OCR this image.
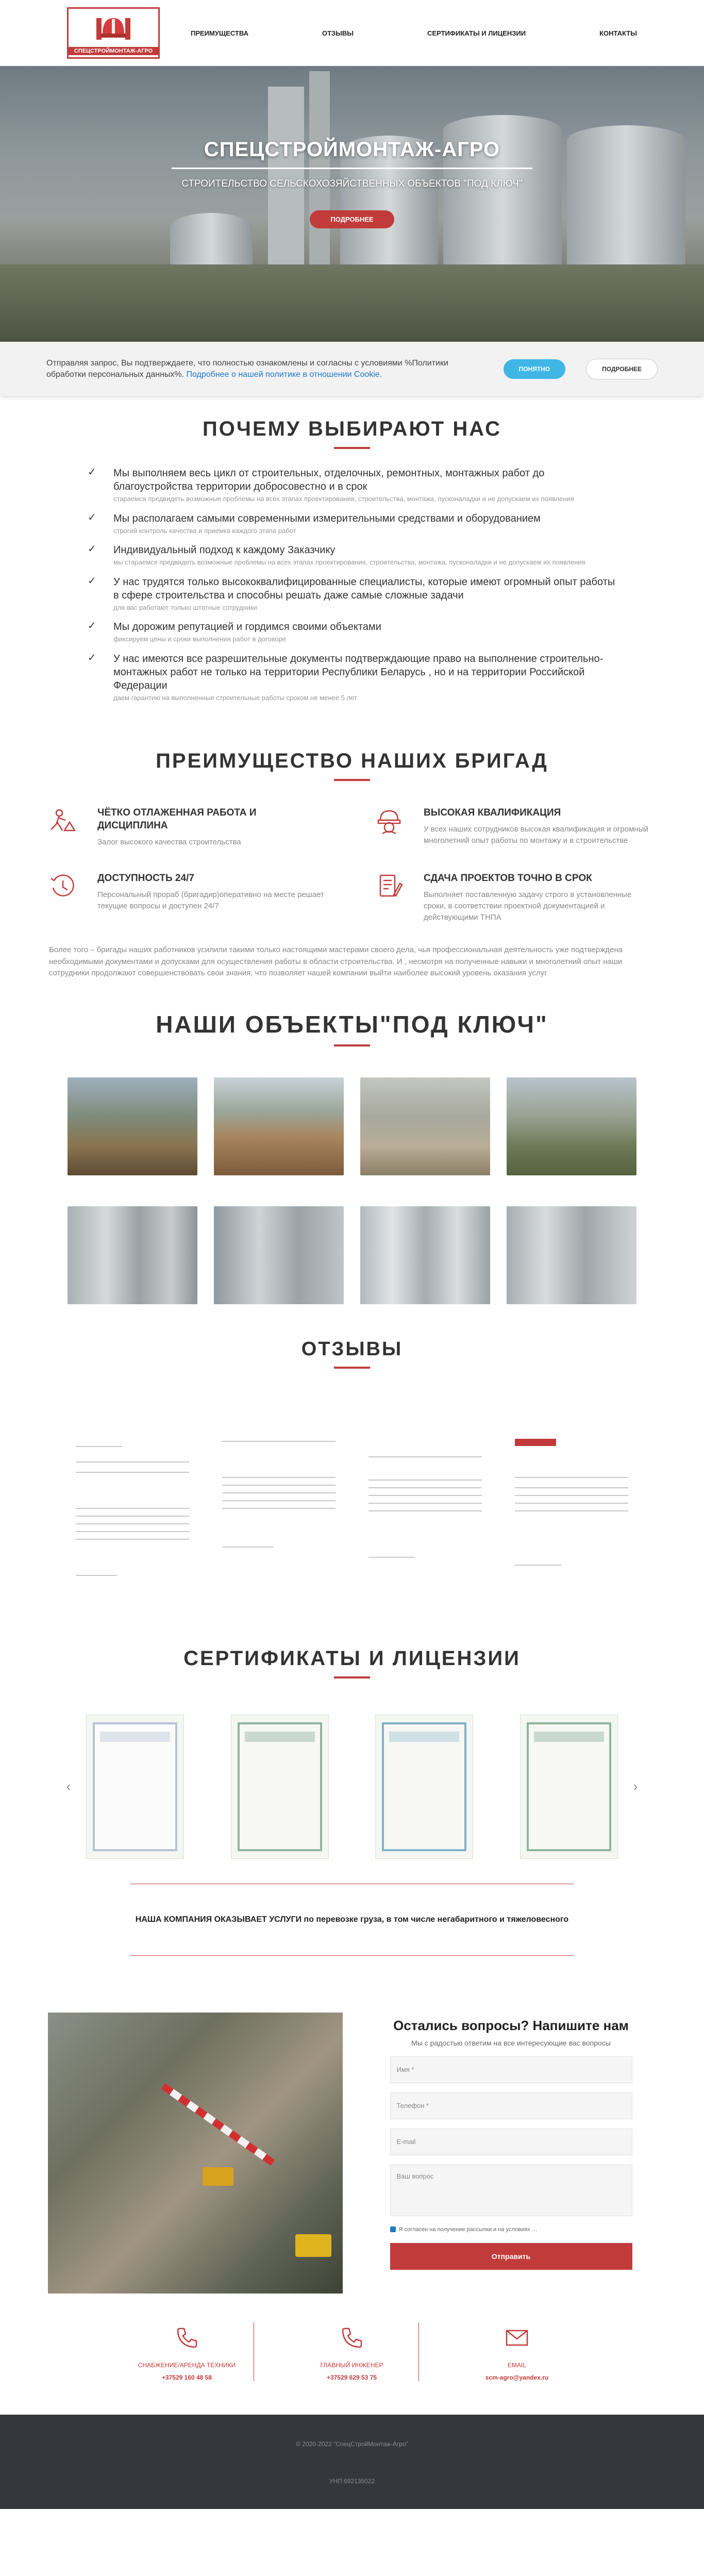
СПЕЦСТРОЙМОНТАЖ-АГРО
ПРЕИМУЩЕСТВА	ОТЗЫВЫ	СЕРТИФИКАТЫ И ЛИЦЕНЗИИ	КОНТАКТЫ
СПЕЦСТРОЙМОНТАЖ-АГРО
СТРОИТЕЛЬСТВО СЕЛЬСКОХОЗЯЙСТВЕННЫХ ОБЪЕКТОВ "ПОД КЛЮЧ"
ПОДРОБНЕЕ
Отправляя запрос, Вы подтверждаете, что полностью ознакомлены и согласны с условиями %Политики обработки персональных данных%. Подробнее о нашей политике в отношении Cookie.
ПОНЯТНО	ПОДРОБНЕЕ
ПОЧЕМУ ВЫБИРАЮТ НАС
✓ Мы выполняем весь цикл от строительных, отделочных, ремонтных, монтажных работ до благоустройства территории добросовестно и в срок
стараемся предвидеть возможные проблемы на всех этапах проектирования, строительства, монтажа, пусконаладки и не допускаем их появления
✓ Мы располагаем самыми современными измерительными средствами и оборудованием
строгий контроль качества и приемка каждого этапа работ
✓ Индивидуальный подход к каждому Заказчику
мы стараемся предвидеть возможные проблемы на всех этапах проектирования, строительства, монтажа, пусконаладки и не допускаем их появления
✓ У нас трудятся только высококвалифицированные специалисты, которые имеют огромный опыт работы в сфере строительства и способны решать даже самые сложные задачи
для вас работают только штатные сотрудники
✓ Мы дорожим репутацией и гордимся своими объектами
фиксируем цены и сроки выполнения работ в договоре
✓ У нас имеются все разрешительные документы подтверждающие право на выполнение строительно-монтажных работ не только на территории Республики Беларусь , но и на территории Российской Федерации
даем гарантию на выполненные строительные работы сроком не менее 5 лет
ПРЕИМУЩЕСТВО НАШИХ БРИГАД
ЧЁТКО ОТЛАЖЕННАЯ РАБОТА И ДИСЦИПЛИНА
Залог высокого качества строительства
ВЫСОКАЯ КВАЛИФИКАЦИЯ
У всех наших сотрудников высокая квалификация и огромный многолетний опыт работы по монтажу и в строительстве
ДОСТУПНОСТЬ 24/7
Персональный прораб (бригадир)оперативно на месте решает текущие вопросы и доступен 24/7
СДАЧА ПРОЕКТОВ ТОЧНО В СРОК
Выполняет поставленную задачу строго в установленные сроки, в соответствии проектной документацией и действующими ТНПА

Более того – бригады наших работников усилили такими только настоящими мастерами своего дела, чья профессиональная деятельность уже подтверждена необходимыми документами и допусками для осуществления работы в области строительства. И , несмотря на полученные навыки и многолетний опыт наши сотрудники продолжают совершенствовать свои знания, что позволяет нашей компании выйти наиболее высокий уровень оказания услуг

НАШИ ОБЪЕКТЫ"ПОД КЛЮЧ"
ОТЗЫВЫ
СЕРТИФИКАТЫ И ЛИЦЕНЗИИ
‹	›

НАША КОМПАНИЯ ОКАЗЫВАЕТ УСЛУГИ по перевозке груза, в том числе негабаритного и тяжеловесного

Остались вопросы? Напишите нам
Мы с радостью ответим на все интересующие вас вопросы
Имя *
Телефон *
E-mail
Ваш вопрос
Я согласен на получение рассылки и на условиях …
Отправить
СНАБЖЕНИЕ/АРЕНДА ТЕХНИКИ
+37529 160 48 58
ГЛАВНЫЙ ИНЖЕНЕР
+37529 629 53 75
EMAIL
scm-agro@yandex.ru
© 2020-2022 "СпецСтройМонтаж-Агро"
УНП 692135022
